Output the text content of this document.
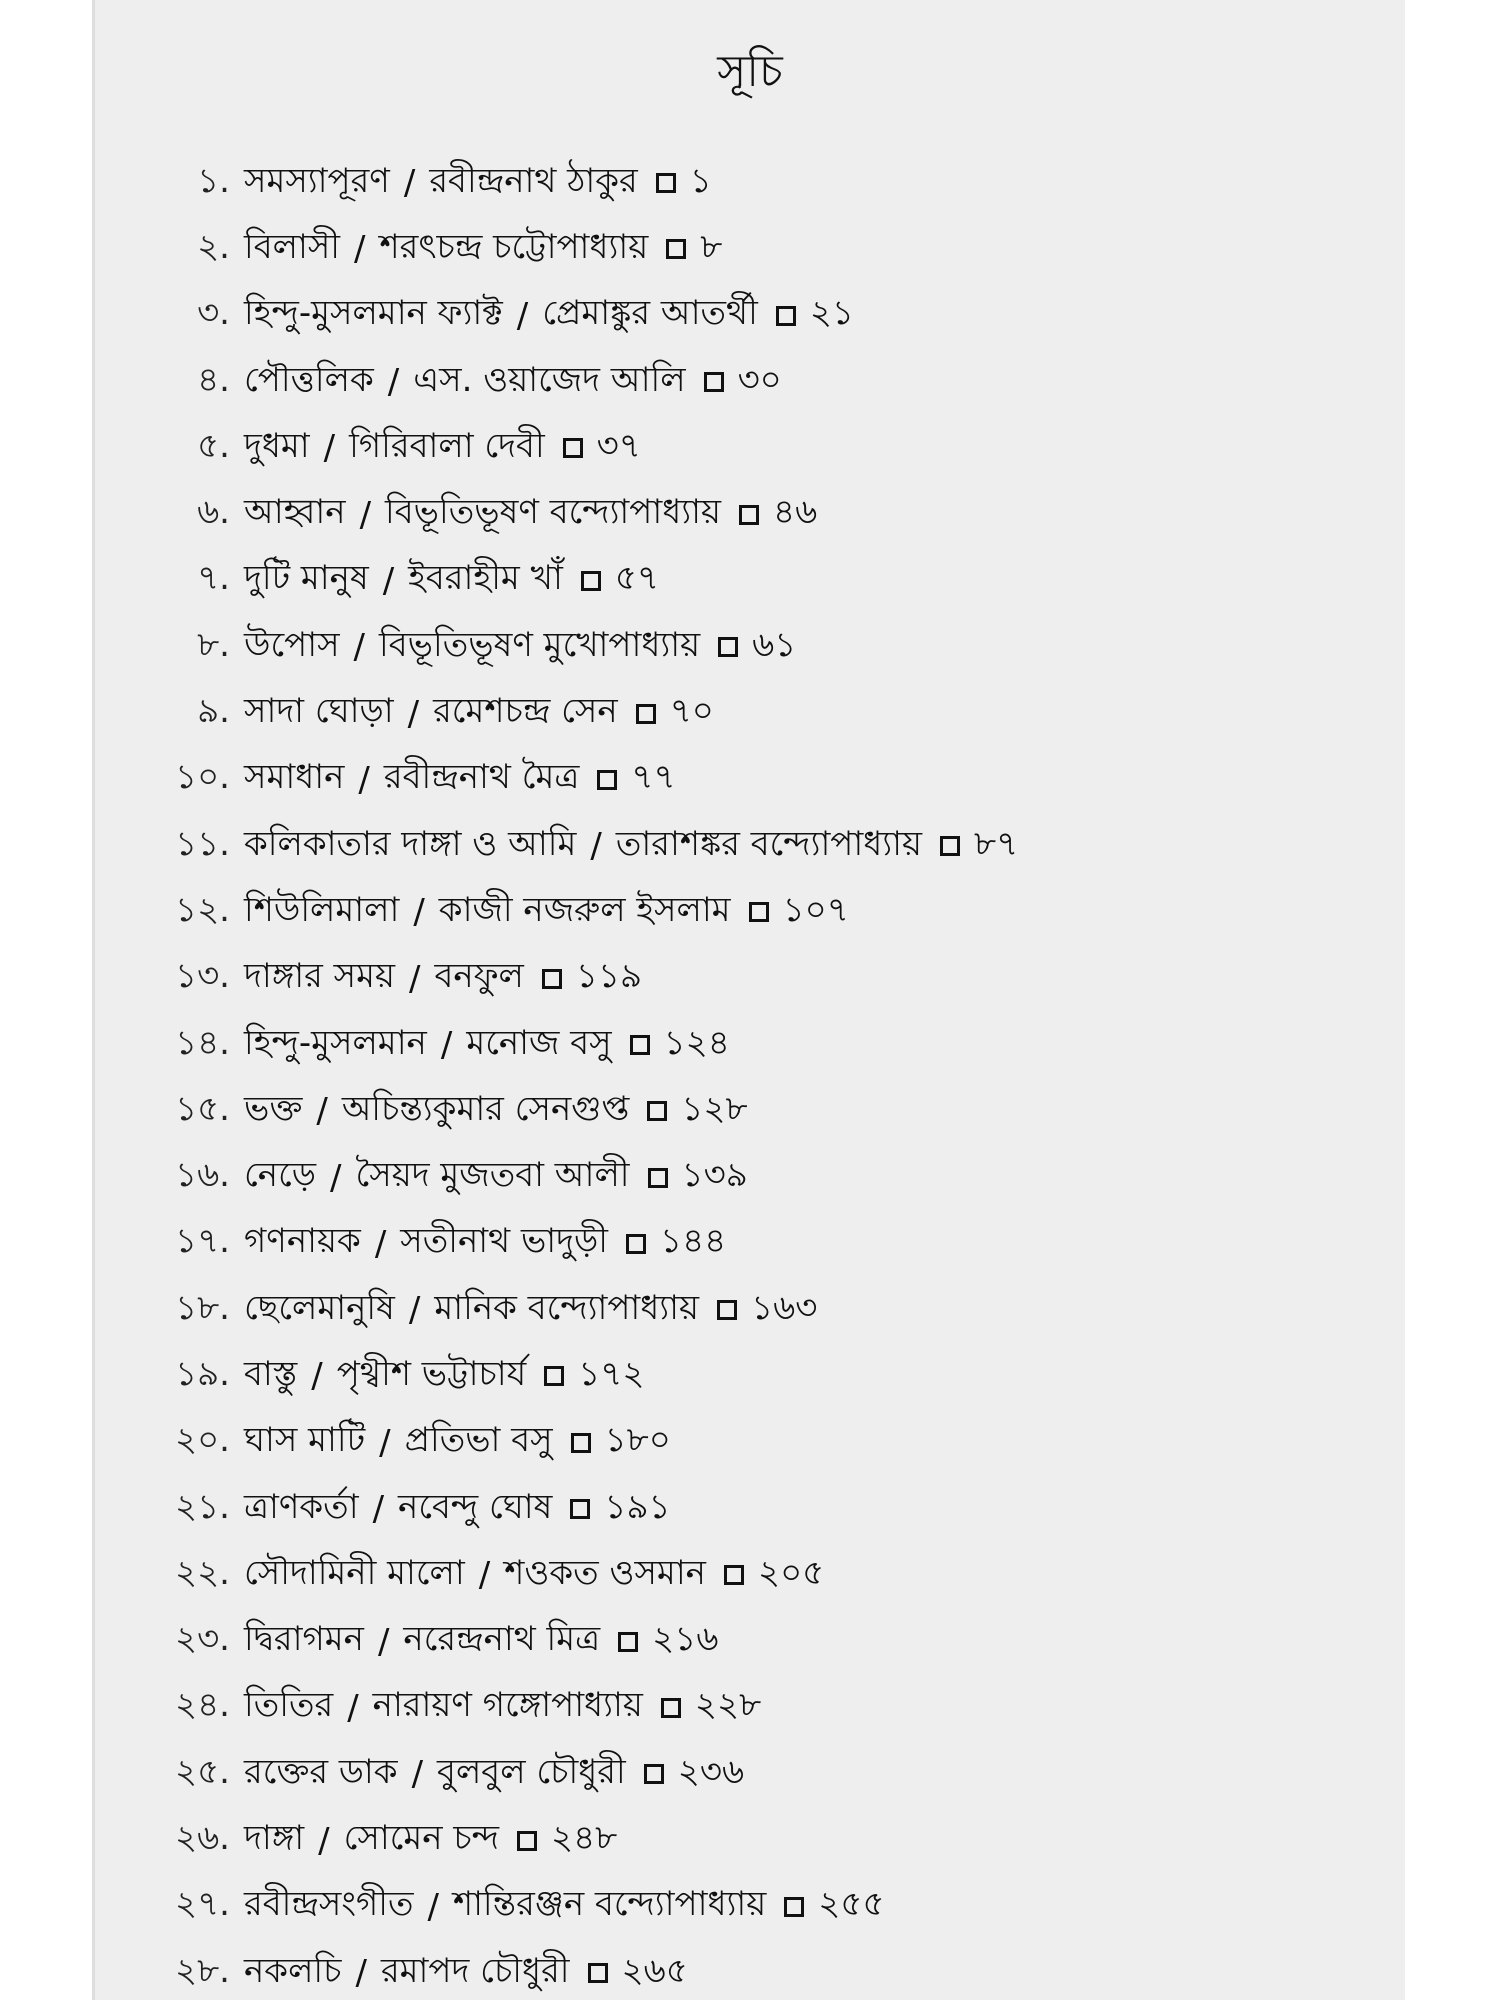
সূচি
১. সমস্যাপূরণ / রবীন্দ্রনাথ ঠাকুর ১
২. বিলাসী / শরৎচন্দ্র চট্টোপাধ্যায় ৮
৩. হিন্দু-মুসলমান ফ্যাক্ট / প্রেমাঙ্কুর আতর্থী ২১
৪. পৌত্তলিক / এস. ওয়াজেদ আলি ৩০
৫. দুধমা / গিরিবালা দেবী ৩৭
৬. আহ্বান / বিভূতিভূষণ বন্দ্যোপাধ্যায় ৪৬
৭. দুটি মানুষ / ইবরাহীম খাঁ ৫৭
৮. উপোস / বিভূতিভূষণ মুখোপাধ্যায় ৬১
৯. সাদা ঘোড়া / রমেশচন্দ্র সেন ৭০
১০. সমাধান / রবীন্দ্রনাথ মৈত্র ৭৭
১১. কলিকাতার দাঙ্গা ও আমি / তারাশঙ্কর বন্দ্যোপাধ্যায় ৮৭
১২. শিউলিমালা / কাজী নজরুল ইসলাম ১০৭
১৩. দাঙ্গার সময় / বনফুল ১১৯
১৪. হিন্দু-মুসলমান / মনোজ বসু ১২৪
১৫. ভক্ত / অচিন্ত্যকুমার সেনগুপ্ত ১২৮
১৬. নেড়ে / সৈয়দ মুজতবা আলী ১৩৯
১৭. গণনায়ক / সতীনাথ ভাদুড়ী ১৪৪
১৮. ছেলেমানুষি / মানিক বন্দ্যোপাধ্যায় ১৬৩
১৯. বাস্তু / পৃথ্বীশ ভট্টাচার্য ১৭২
২০. ঘাস মাটি / প্রতিভা বসু ১৮০
২১. ত্রাণকর্তা / নবেন্দু ঘোষ ১৯১
২২. সৌদামিনী মালো / শওকত ওসমান ২০৫
২৩. দ্বিরাগমন / নরেন্দ্রনাথ মিত্র ২১৬
২৪. তিতির / নারায়ণ গঙ্গোপাধ্যায় ২২৮
২৫. রক্তের ডাক / বুলবুল চৌধুরী ২৩৬
২৬. দাঙ্গা / সোমেন চন্দ ২৪৮
২৭. রবীন্দ্রসংগীত / শান্তিরঞ্জন বন্দ্যোপাধ্যায় ২৫৫
২৮. নকলচি / রমাপদ চৌধুরী ২৬৫
